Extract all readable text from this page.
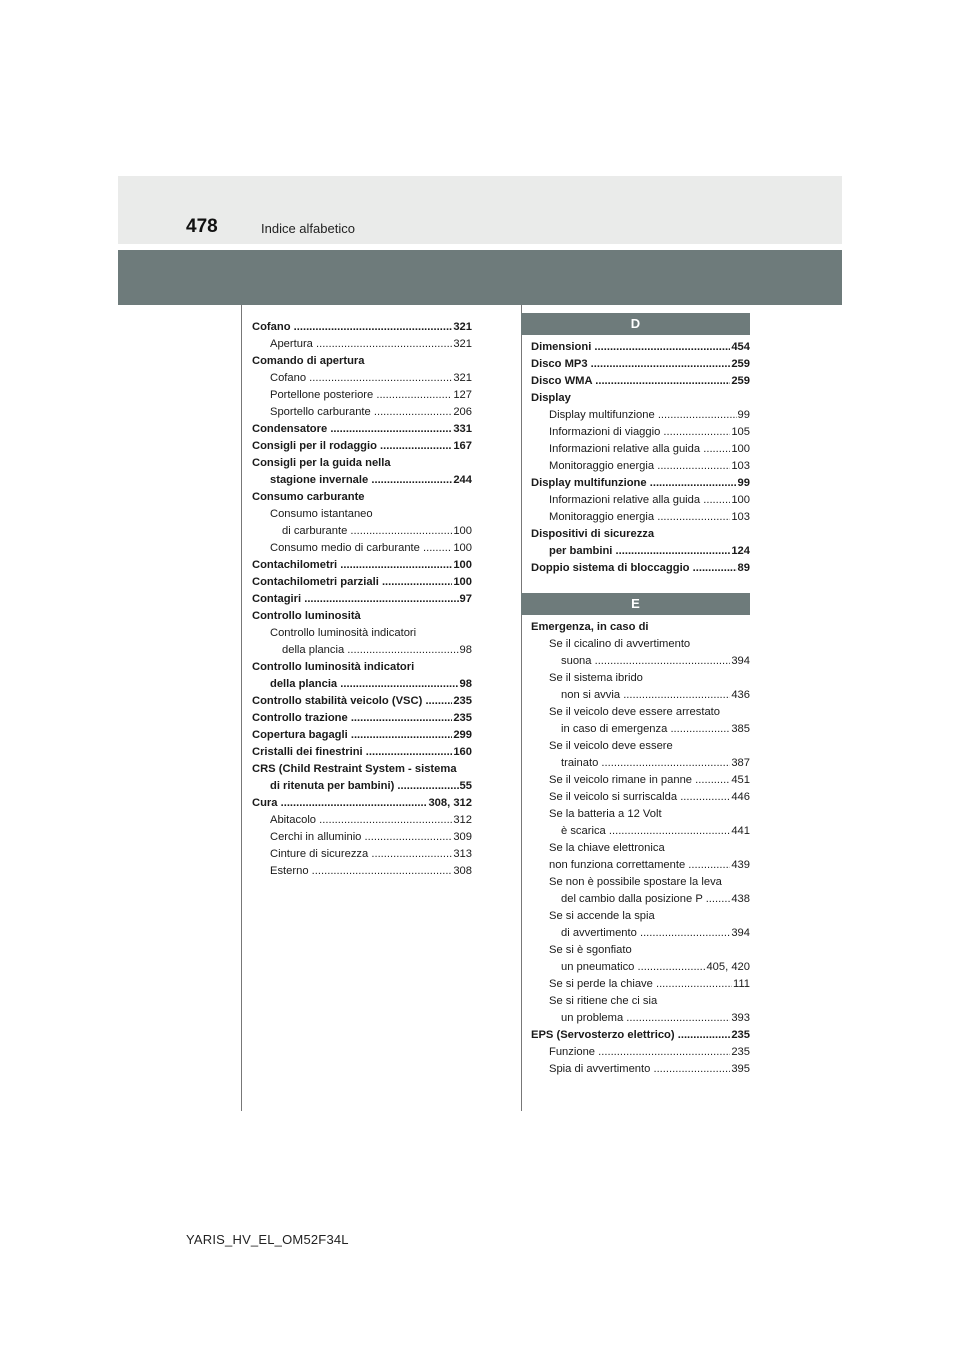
478	Indice alfabetico
Cofano .....	321
Apertura .....	321
Comando di apertura
Cofano .....	321
Portellone posteriore .....	127
Sportello carburante .....	206
Condensatore .....	331
Consigli per il rodaggio .....	167
Consigli per la guida nella
stagione invernale .....	244
Consumo carburante
Consumo istantaneo
di carburante .....	100
Consumo medio di carburante .....	100
Contachilometri .....	100
Contachilometri parziali .....	100
Contagiri .....	97
Controllo luminosità
Controllo luminosità indicatori
della plancia .....	98
Controllo luminosità indicatori
della plancia .....	98
Controllo stabilità veicolo (VSC) ..... 235
Controllo trazione .....	235
Copertura bagagli .....	299
Cristalli dei finestrini .....	160
CRS (Child Restraint System - sistema
di ritenuta per bambini) .....	55
Cura .....	308, 312
Abitacolo .....	312
Cerchi in alluminio .....	309
Cinture di sicurezza .....	313
Esterno .....	308
D
Dimensioni .....	454
Disco MP3 .....	259
Disco WMA .....	259
Display
Display multifunzione .....	99
Informazioni di viaggio .....	105
Informazioni relative alla guida .....	100
Monitoraggio energia .....	103
Display multifunzione .....	99
Informazioni relative alla guida .....	100
Monitoraggio energia .....	103
Dispositivi di sicurezza
per bambini .....	124
Doppio sistema di bloccaggio .....	89
E
Emergenza, in caso di
Se il cicalino di avvertimento
suona .....	394
Se il sistema ibrido
non si avvia .....	436
Se il veicolo deve essere arrestato
in caso di emergenza .....	385
Se il veicolo deve essere
trainato .....	387
Se il veicolo rimane in panne .....	451
Se il veicolo si surriscalda .....	446
Se la batteria a 12 Volt
è scarica .....	441
Se la chiave elettronica
non funziona correttamente .....	439
Se non è possibile spostare la leva
del cambio dalla posizione P ..... 438
Se si accende la spia
di avvertimento .....	394
Se si è sgonfiato
un pneumatico .....	405, 420
Se si perde la chiave .....	111
Se si ritiene che ci sia
un problema .....	393
EPS (Servosterzo elettrico) .....	235
Funzione .....	235
Spia di avvertimento .....	395
YARIS_HV_EL_OM52F34L
